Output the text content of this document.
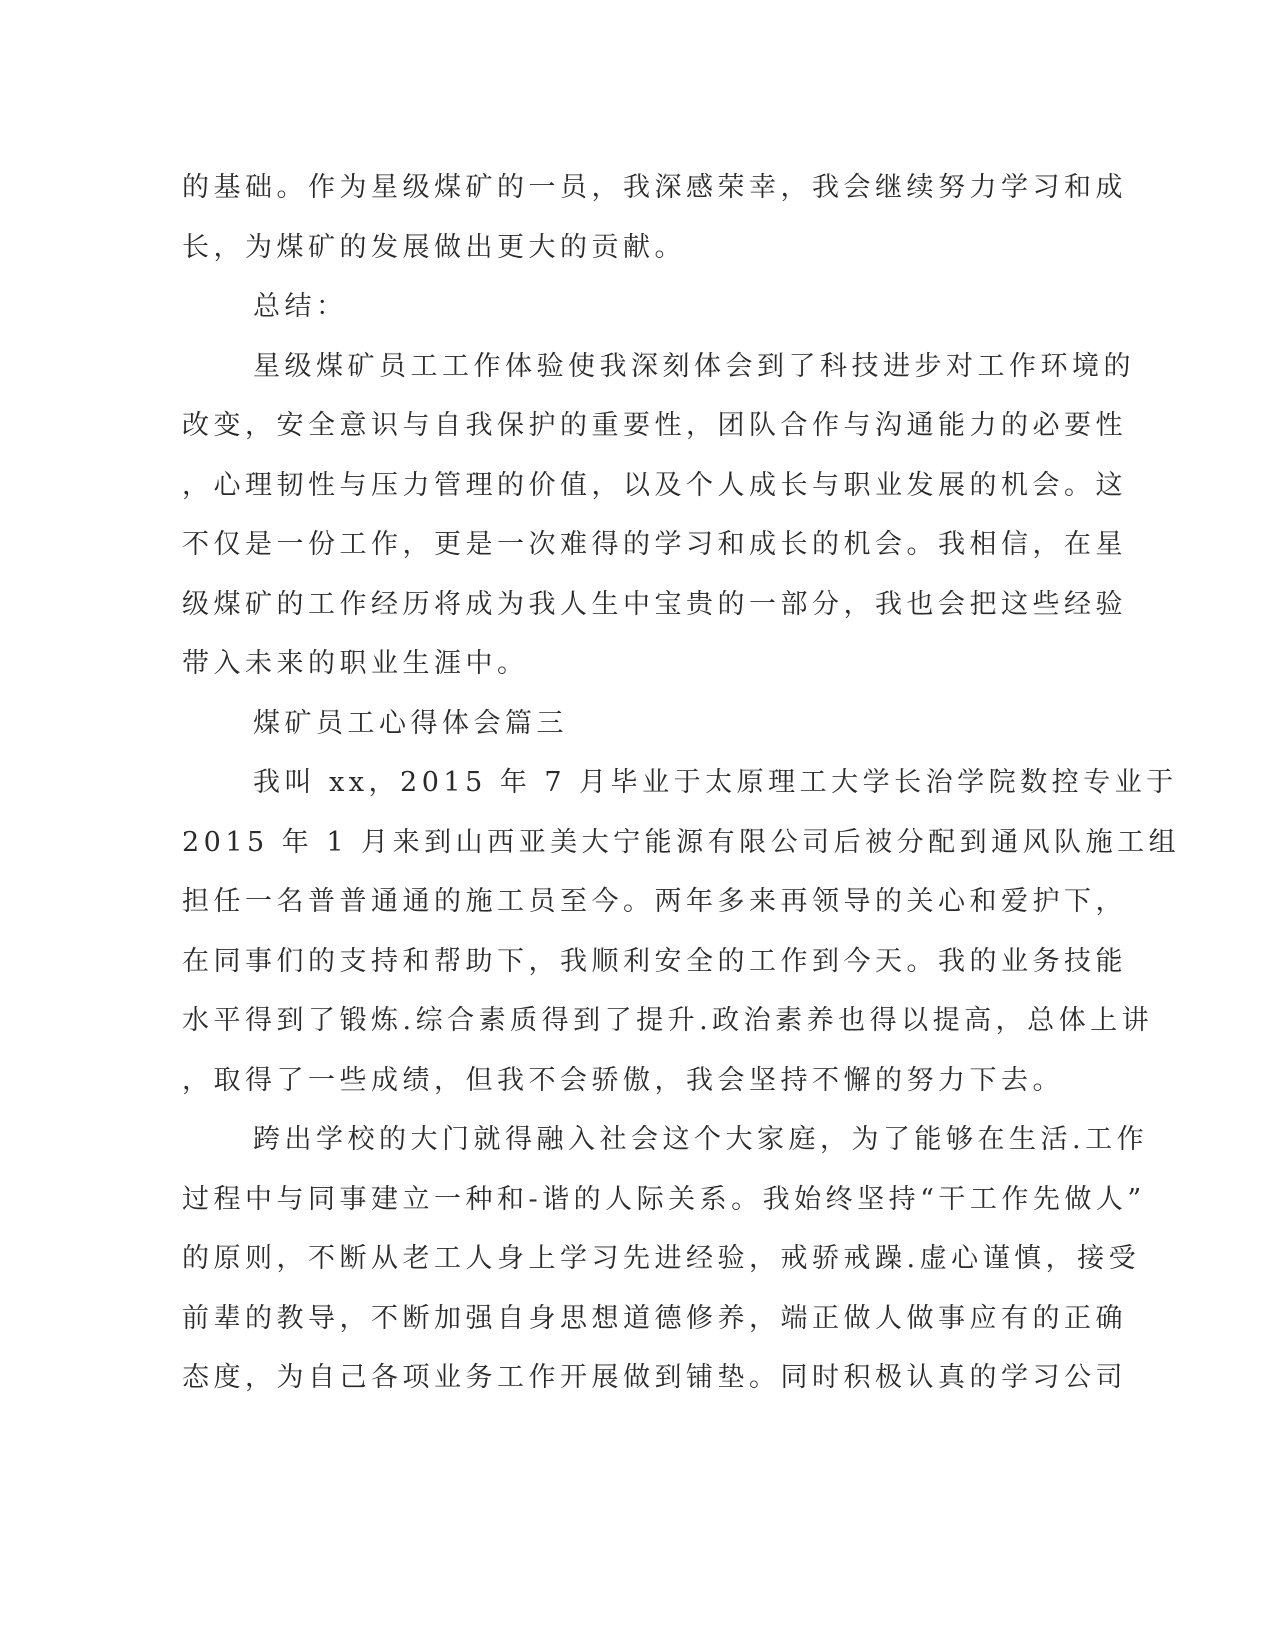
的基础。作为星级煤矿的一员，我深感荣幸，我会继续努力学习和成
长，为煤矿的发展做出更大的贡献。
总结：
星级煤矿员工工作体验使我深刻体会到了科技进步对工作环境的
改变，安全意识与自我保护的重要性，团队合作与沟通能力的必要性
，心理韧性与压力管理的价值，以及个人成长与职业发展的机会。这
不仅是一份工作，更是一次难得的学习和成长的机会。我相信，在星
级煤矿的工作经历将成为我人生中宝贵的一部分，我也会把这些经验
带入未来的职业生涯中。
煤矿员工心得体会篇三
我叫 xx，2015 年 7 月毕业于太原理工大学长治学院数控专业于
2015 年 1 月来到山西亚美大宁能源有限公司后被分配到通风队施工组
担任一名普普通通的施工员至今。两年多来再领导的关心和爱护下，
在同事们的支持和帮助下，我顺利安全的工作到今天。我的业务技能
水平得到了锻炼.综合素质得到了提升.政治素养也得以提高，总体上讲
，取得了一些成绩，但我不会骄傲，我会坚持不懈的努力下去。
跨出学校的大门就得融入社会这个大家庭，为了能够在生活.工作
过程中与同事建立一种和-谐的人际关系。我始终坚持“干工作先做人”
的原则，不断从老工人身上学习先进经验，戒骄戒躁.虚心谨慎，接受
前辈的教导，不断加强自身思想道德修养，端正做人做事应有的正确
态度，为自己各项业务工作开展做到铺垫。同时积极认真的学习公司
